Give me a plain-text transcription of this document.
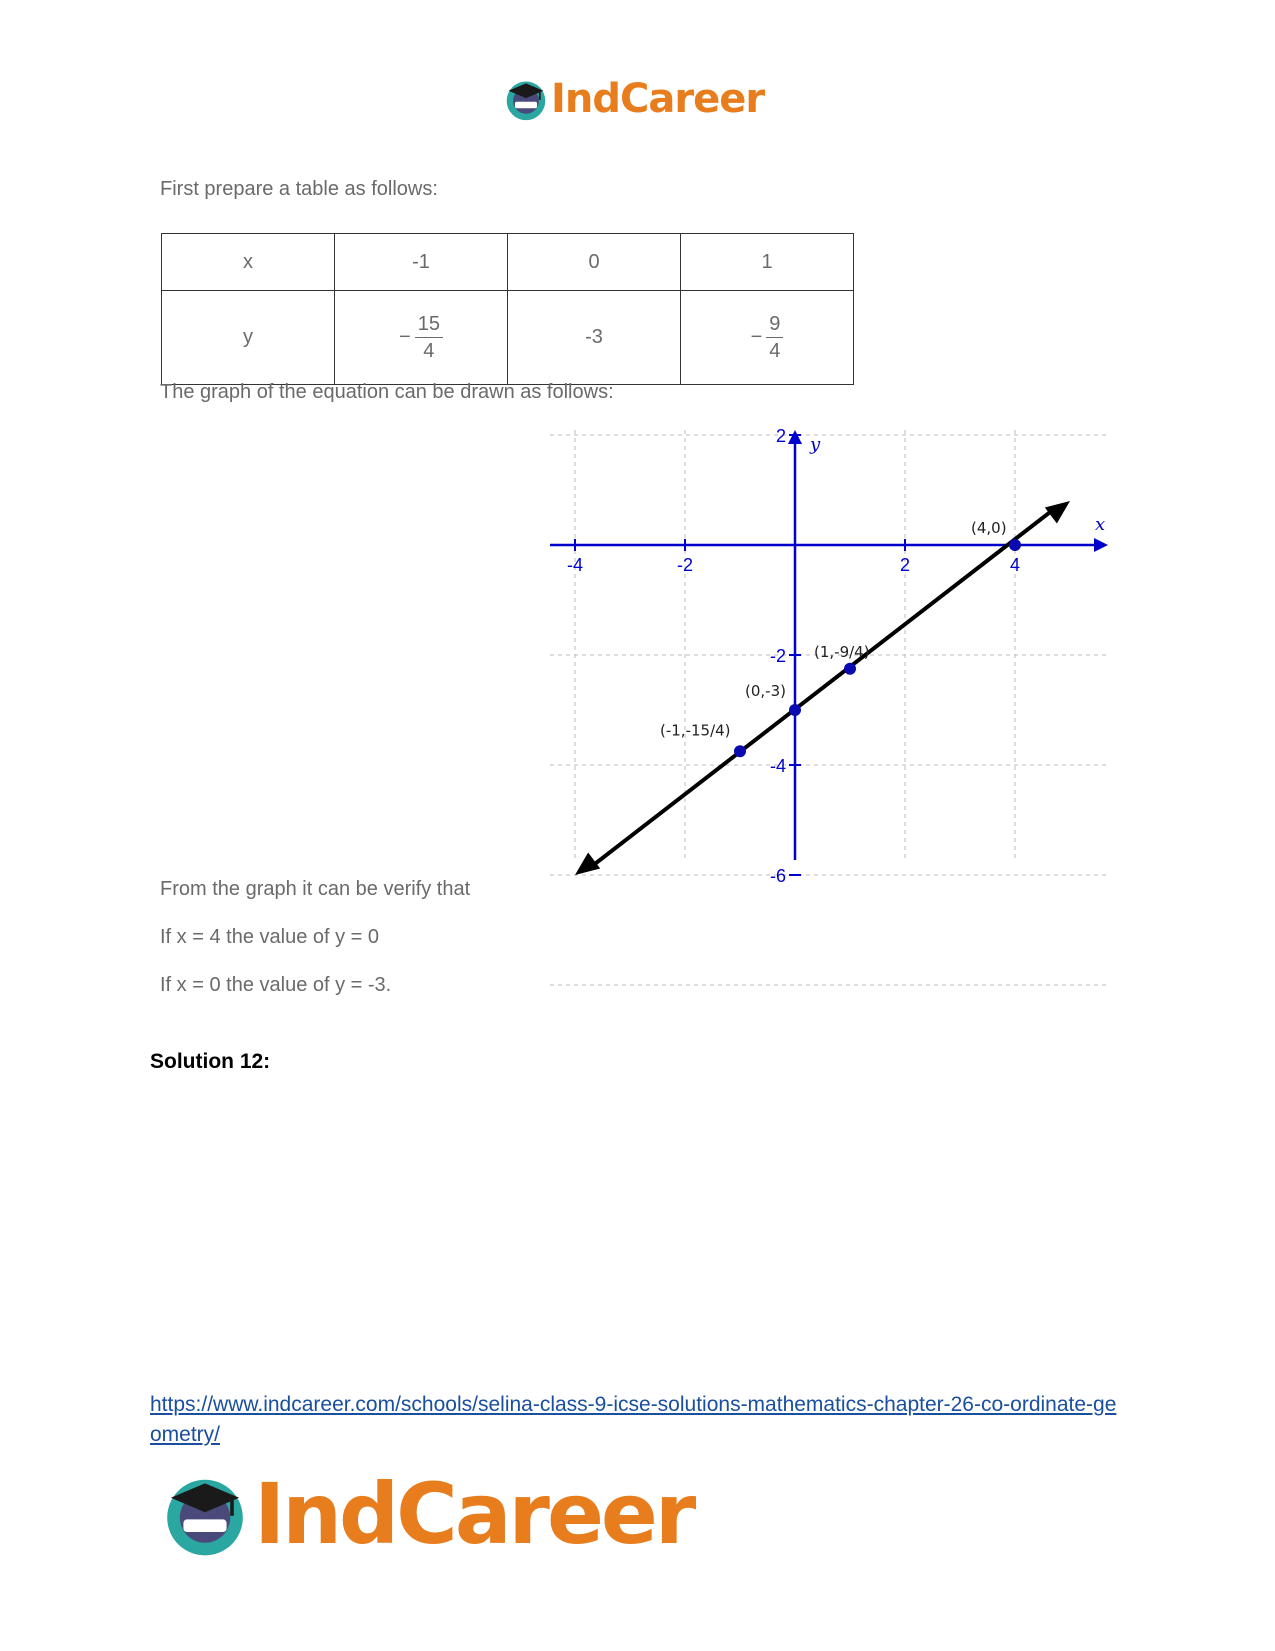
IndCareer
First prepare a table as follows:
x	-1	0	1
y	− $\frac{15}{4}$	-3	− $\frac{9}{4}$
The graph of the equation can be drawn as follows:
x
y
-4	-2	2	4
2
-2
-4
-6
(-1,-15/4)
(0,-3)
(1,-9/4)
(4,0)
From the graph it can be verify that
If x = 4 the value of y = 0
If x = 0 the value of y = -3.
Solution 12:
https://www.indcareer.com/schools/selina-class-9-icse-solutions-mathematics-chapter-26-co-ordinate-geometry/
IndCareer
